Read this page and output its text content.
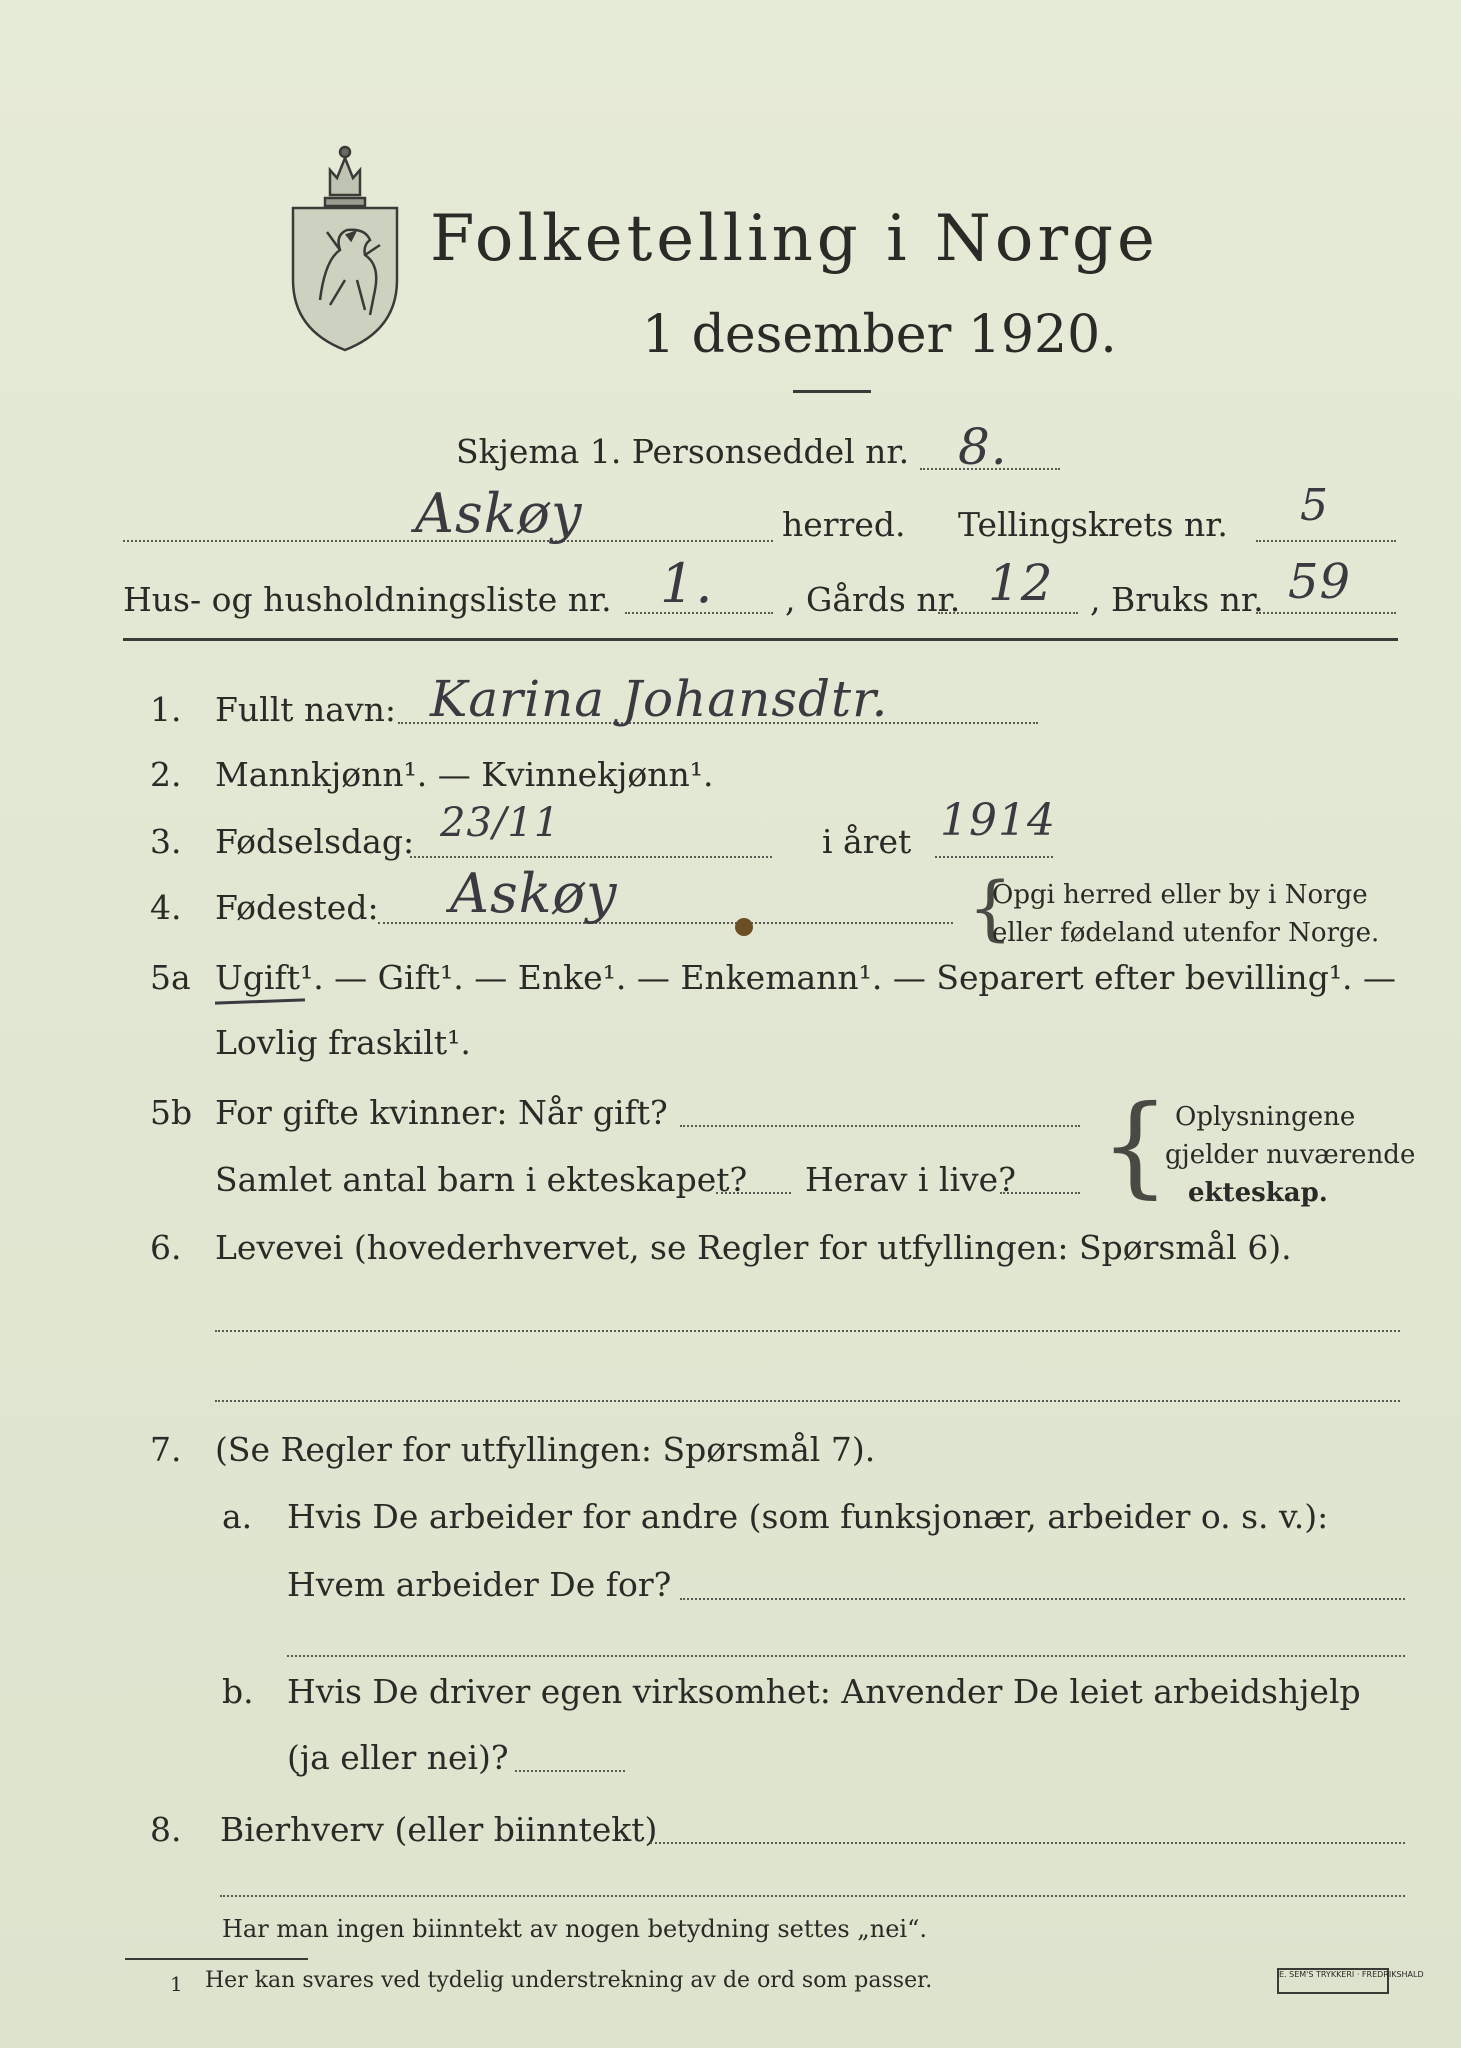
Folketelling i Norge
1 desember 1920.
Skjema 1. Personseddel nr. 8.
Askøy	herred. Tellingskrets nr. 5
Hus- og husholdningsliste nr. 1. , Gårds nr. 12 , Bruks nr. 59
1. Fullt navn: Karina Johansdtr.
2. Mannkjønn¹. — Kvinnekjønn¹.
3. Fødselsdag: 23/11	i året 1914
4. Fødested: Askøy	{
Opgi herred eller by i Norge
eller fødeland utenfor Norge.
5a Ugift¹. — Gift¹. — Enke¹. — Enkemann¹. — Separert efter bevilling¹. —
Lovlig fraskilt¹.
5b For gifte kvinner: Når gift?
Samlet antal barn i ekteskapet? Herav i live? { Oplysningene
gjelder nuværende
ekteskap.
6. Levevei (hovederhvervet, se Regler for utfyllingen: Spørsmål 6).
7. (Se Regler for utfyllingen: Spørsmål 7).
a. Hvis De arbeider for andre (som funksjonær, arbeider o. s. v.):
Hvem arbeider De for?
b. Hvis De driver egen virksomhet: Anvender De leiet arbeidshjelp
(ja eller nei)?
8. Bierhverv (eller biinntekt)
Har man ingen biinntekt av nogen betydning settes „nei“.
1 Her kan svares ved tydelig understrekning av de ord som passer.	E. SEM'S TRYKKERI · FREDRIKSHALD
